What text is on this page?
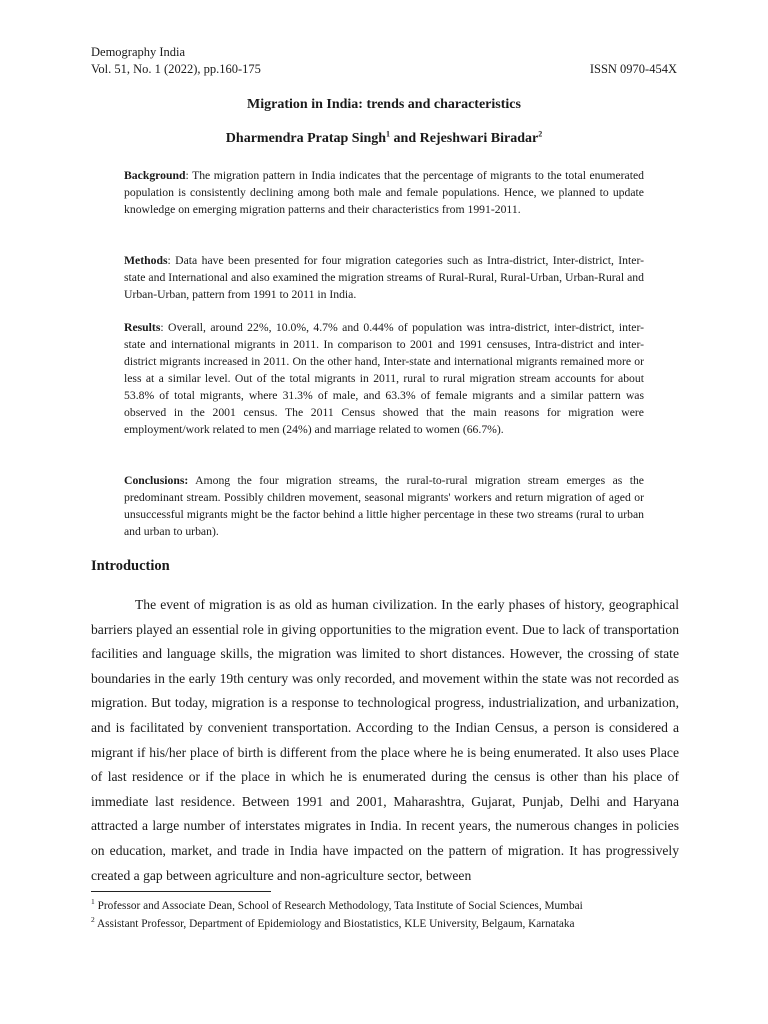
Demography India
Vol. 51, No. 1 (2022), pp.160-175	ISSN 0970-454X
Migration in India: trends and characteristics
Dharmendra Pratap Singh$^1$ and Rejeshwari Biradar$^2$
Background: The migration pattern in India indicates that the percentage of migrants to the total enumerated population is consistently declining among both male and female populations. Hence, we planned to update knowledge on emerging migration patterns and their characteristics from 1991-2011.
Methods: Data have been presented for four migration categories such as Intra-district, Inter-district, Inter-state and International and also examined the migration streams of Rural-Rural, Rural-Urban, Urban-Rural and Urban-Urban, pattern from 1991 to 2011 in India.
Results: Overall, around 22%, 10.0%, 4.7% and 0.44% of population was intra-district, inter-district, inter-state and international migrants in 2011. In comparison to 2001 and 1991 censuses, Intra-district and inter-district migrants increased in 2011. On the other hand, Inter-state and international migrants remained more or less at a similar level. Out of the total migrants in 2011, rural to rural migration stream accounts for about 53.8% of total migrants, where 31.3% of male, and 63.3% of female migrants and a similar pattern was observed in the 2001 census. The 2011 Census showed that the main reasons for migration were employment/work related to men (24%) and marriage related to women (66.7%).
Conclusions: Among the four migration streams, the rural-to-rural migration stream emerges as the predominant stream. Possibly children movement, seasonal migrants' workers and return migration of aged or unsuccessful migrants might be the factor behind a little higher percentage in these two streams (rural to urban and urban to urban).
Introduction
The event of migration is as old as human civilization. In the early phases of history, geographical barriers played an essential role in giving opportunities to the migration event. Due to lack of transportation facilities and language skills, the migration was limited to short distances. However, the crossing of state boundaries in the early 19th century was only recorded, and movement within the state was not recorded as migration. But today, migration is a response to technological progress, industrialization, and urbanization, and is facilitated by convenient transportation. According to the Indian Census, a person is considered a migrant if his/her place of birth is different from the place where he is being enumerated. It also uses Place of last residence or if the place in which he is enumerated during the census is other than his place of immediate last residence. Between 1991 and 2001, Maharashtra, Gujarat, Punjab, Delhi and Haryana attracted a large number of interstates migrates in India. In recent years, the numerous changes in policies on education, market, and trade in India have impacted on the pattern of migration. It has progressively created a gap between agriculture and non-agriculture sector, between
$^1$ Professor and Associate Dean, School of Research Methodology, Tata Institute of Social Sciences, Mumbai
$^2$ Assistant Professor, Department of Epidemiology and Biostatistics, KLE University, Belgaum, Karnataka
